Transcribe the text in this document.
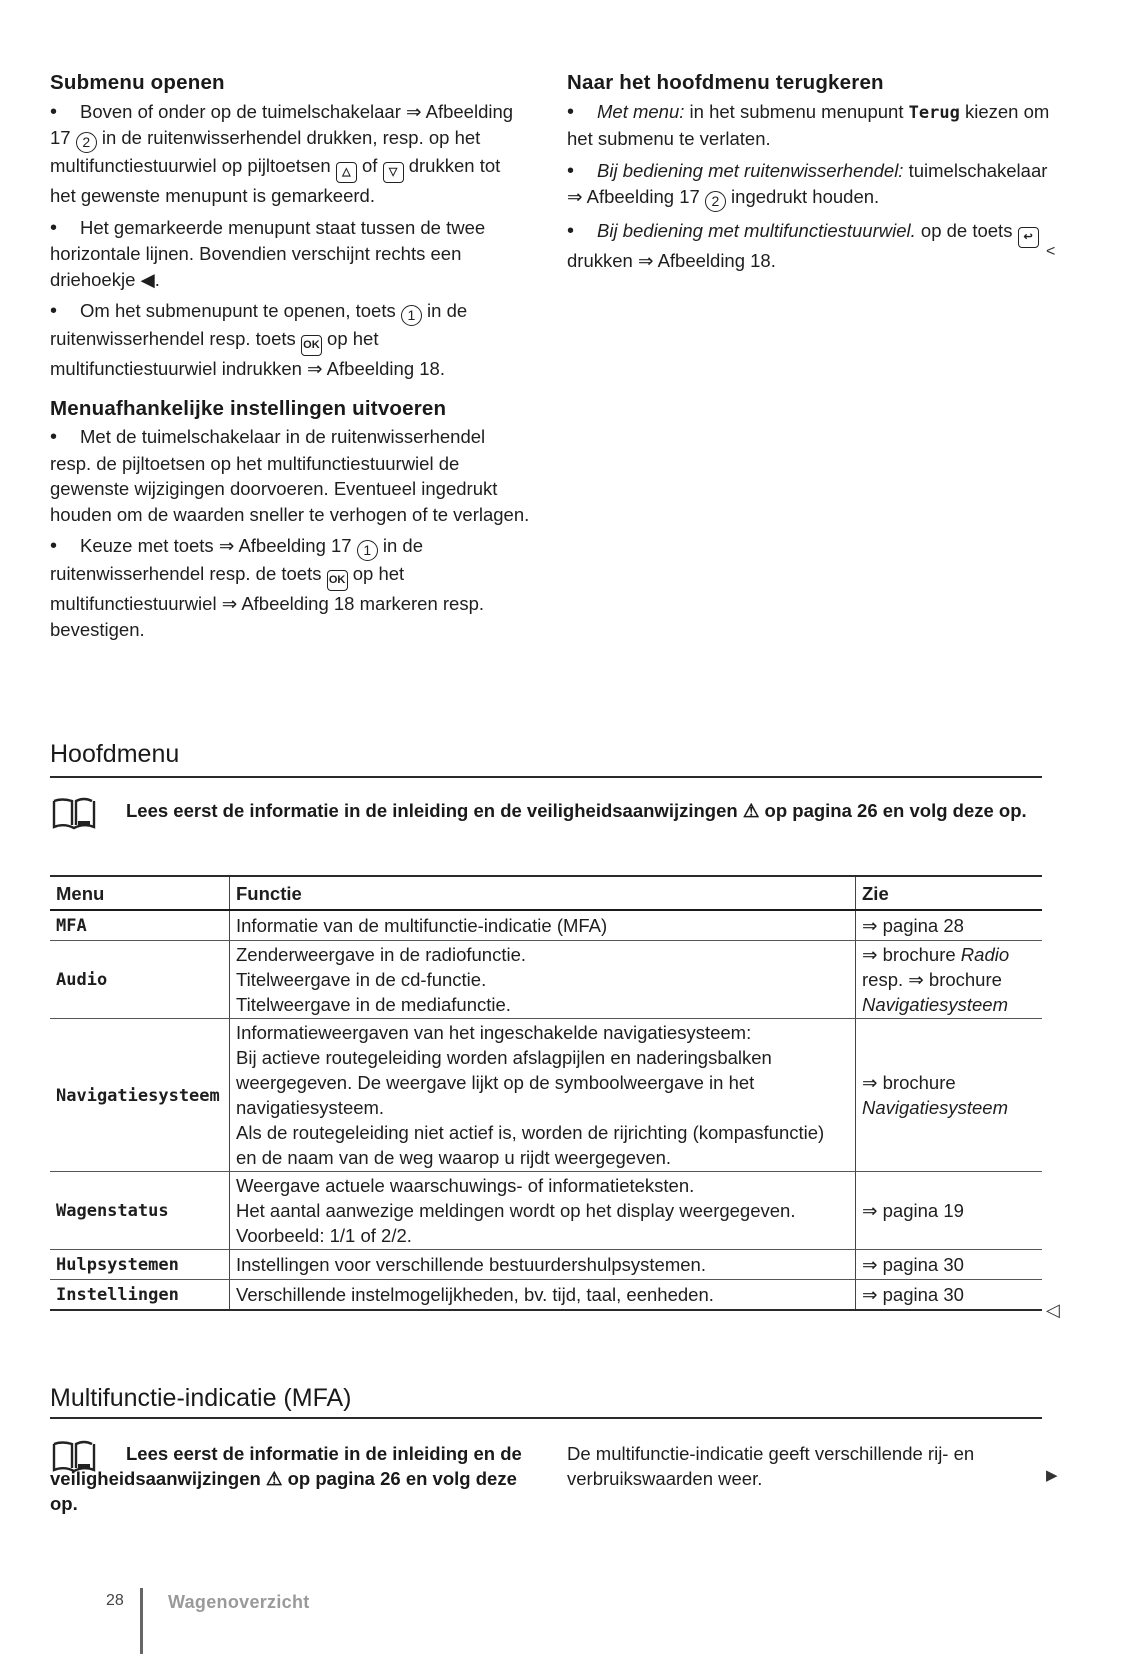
Submenu openen

•Boven of onder op de tuimelschakelaar ⇒ Afbeelding 17 2 in de ruitenwisserhendel drukken, resp. op het multifunctiestuurwiel op pijltoetsen △ of ▽ drukken tot het gewenste menupunt is gemarkeerd.

•Het gemarkeerde menupunt staat tussen de twee horizontale lijnen. Bovendien verschijnt rechts een driehoekje ◀.

•Om het submenupunt te openen, toets 1 in de ruitenwisserhendel resp. toets OK op het multifunctiestuurwiel indrukken ⇒ Afbeelding 18.

Menuafhankelijke instellingen uitvoeren

•Met de tuimelschakelaar in de ruitenwisserhendel resp. de pijltoetsen op het multifunctiestuurwiel de gewenste wijzigingen doorvoeren. Eventueel ingedrukt houden om de waarden sneller te verhogen of te verlagen.

•Keuze met toets ⇒ Afbeelding 17 1 in de ruitenwisserhendel resp. de toets OK op het multifunctiestuurwiel ⇒ Afbeelding 18 markeren resp. bevestigen.

Naar het hoofdmenu terugkeren

•Met menu: in het submenu menupunt Terug kiezen om het submenu te verlaten.

•Bij bediening met ruitenwisserhendel: tuimelschakelaar ⇒ Afbeelding 17 2 ingedrukt houden.

•Bij bediening met multifunctiestuurwiel. op de toets ↩ drukken ⇒ Afbeelding 18.	<
Hoofdmenu
Lees eerst de informatie in de inleiding en de veiligheidsaanwijzingen ⚠ op pagina 26 en volg deze op.
Menu	Functie	Zie
MFA	Informatie van de multifunctie-indicatie (MFA)	⇒ pagina 28
Audio	Zenderweergave in de radiofunctie.
Titelweergave in de cd-functie.
Titelweergave in de mediafunctie.	⇒ brochure Radio resp. ⇒ brochure Navigatiesysteem
Navigatiesysteem	Informatieweergaven van het ingeschakelde navigatiesysteem:
Bij actieve routegeleiding worden afslagpijlen en naderingsbalken weergegeven. De weergave lijkt op de symboolweergave in het navigatiesysteem.
Als de routegeleiding niet actief is, worden de rijrichting (kompasfunctie) en de naam van de weg waarop u rijdt weergegeven.	⇒ brochure Navigatiesysteem
Wagenstatus	Weergave actuele waarschuwings- of informatieteksten.
Het aantal aanwezige meldingen wordt op het display weergegeven. Voorbeeld: 1/1 of 2/2.	⇒ pagina 19
Hulpsystemen	Instellingen voor verschillende bestuurdershulpsystemen.	⇒ pagina 30
Instellingen	Verschillende instelmogelijkheden, bv. tijd, taal, eenheden.	⇒ pagina 30
◁
Multifunctie-indicatie (MFA)
Lees eerst de informatie in de inleiding en de veiligheidsaanwijzingen ⚠ op pagina 26 en volg deze op.
De multifunctie-indicatie geeft verschillende rij- en verbruikswaarden weer.	▶
28 Wagenoverzicht
